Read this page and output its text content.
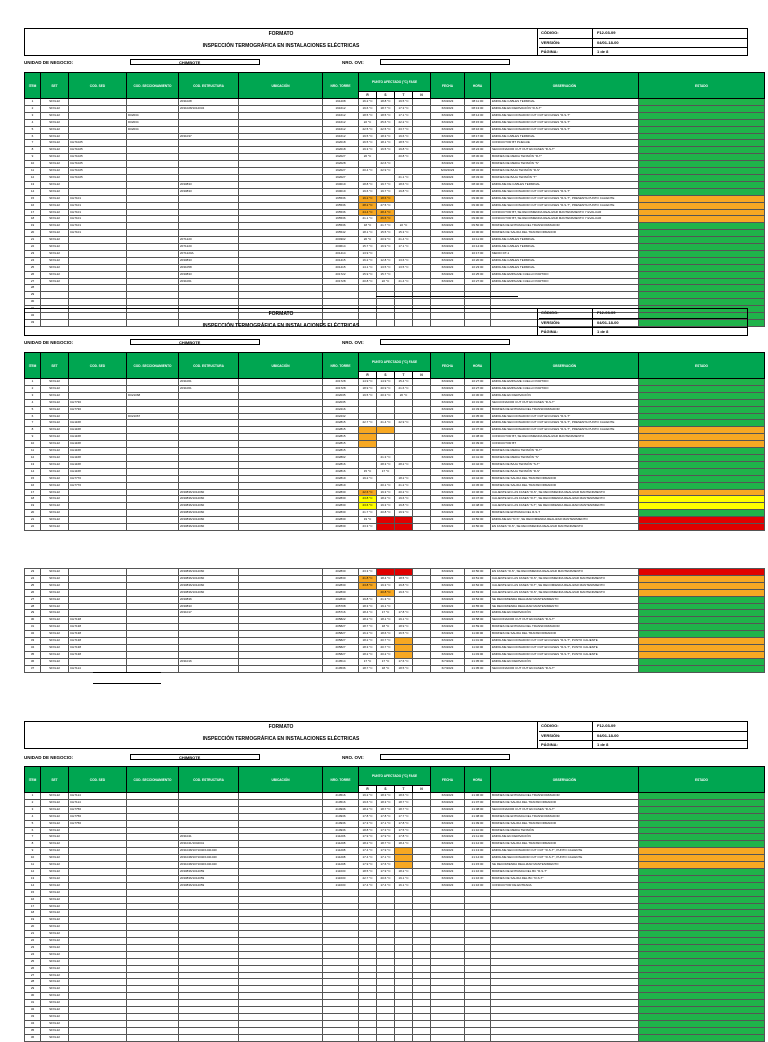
FORMATO
INSPECCIÓN TERMOGRÁFICA EN INSTALACIONES ELÉCTRICAS
CÓDIGO:	F12-03-09
VERSIÓN:	04/01-18-00
PÁGINA:	1 de 8
UNIDAD DE NEGOCIO:	CHIMBOTE	NRO. OVI:
ITEM	SET	COD. SED	COD. SECCIONAMIENTO	COD. ESTRUCTURA	UBICACIÓN	NRO. TORRE	PUNTO AFECTADO (°C) FASE				FECHA	HORA	OBSERVACIÓN	ESTADO
							R	S	T	N				
1	SFXL22			2031028		191208	16.2 °C	18.8 °C	19.5 °C		6/6/2023	08:11:00	EMPALME CABLES TERMINAL	
2	SFXL22			2031028/1012034		191612	19.6 °C	18.7 °C	17.3 °C		6/6/2023	08:13:00	EMPALME EN DERIVACIÓN "R-S-T"	
3	SFXL22		D02034			191612	18.5 °C	18.5 °C	17.1 °C		6/6/2023	08:14:00	EMPALME SECCIONADOR CUT OUT EN FASES "R-S-T"	
4	SFXL22		D02034			191612	22 °C	25.6 °C	22.2 °C		6/6/2023	08:15:00	EMPALME SECCIONADOR CUT OUT EN FASES "R-S-T"	
5	SFXL22		D02034			191612	22.5 °C	22.5 °C	23.7 °C		6/6/2023	08:16:00	EMPALME SECCIONADOR CUT OUT EN FASES "R-S-T"	
6	SFXL22			2031037		191612	19.5 °C	18.3 °C	19.6 °C		6/6/2023	08:17:00	EMPALME CABLES TERMINAL	
7	SFXL22	CH71025				192018	16.5 °C	18.1 °C	18.5 °C		6/6/2023	08:20:00	CONDUCTOR BT PLIEGUE	
8	SFXL22	CH71025				192018	19.3 °C	16.5 °C	19.8 °C		6/6/2023	08:24:00	SECCIONADOR CUT OUT EN FASES "R-S-T"	
9	SFXL22	CH71025				192027	20 °C		20.8 °C		6/6/2023	08:30:00	BORNES DE MEDIA TENSIÓN "R-T"	
10	SFXL22	CH71025				192028		22.6 °C			6/6/2023	08:31:00	BORNES DE MEDIA TENSIÓN "S"	
11	SFXL22	CH71025				192027	20.4 °C	22.9 °C			6/20/2023	08:32:00	BORNES DE BAJA TENSIÓN "R-S"	
12	SFXL22	CH71025				192027			21.1 °C		6/6/2023	08:33:00	BORNES DE BAJA TENSIÓN "T"	
13	SFXL22			2030833		190019	18.8 °C	19.7 °C	18.6 °C		6/6/2023	08:40:00	EMPALME DE CABLES TERMINAL	
14	SFXL22			2030833		190019	19.6 °C	19.7 °C	19.8 °C		6/6/2023	08:45:00	EMPALME SECCIONADOR CUT OUT EN FASES "R-S-T"	
15	SFXL22	CH7101				195536	19.2 °C	18.6 °C			6/6/2023	09:00:00	EMPALME SECCIONADOR CUT OUT EN FASES "R-S-T", PRESENTA PUNTO CALIENTE	
16	SFXL22	CH7101				195536	28.2 °C	27.5 °C			6/6/2023	09:00:00	EMPALME SECCIONADOR CUT OUT EN FASES "R-S-T", PRESENTA PUNTO CALIENTE	
17	SFXL22	CH7101				195536	24.4 °C	28.4 °C			6/6/2023	09:00:00	CONDUCTOR BT, SE RECOMIENDA REALIZAR MANTENIMIENTO Y EVALUAR	
18	SFXL22	CH7101				195536	21.1 °C	26.6 °C			6/6/2023	09:00:00	CONDUCTOR BT, SE RECOMIENDA REALIZAR MANTENIMIENTO Y EVALUAR	
19	SFXL22	CH7101				195536	18 °C	21.7 °C	22 °C		6/6/2023	09:50:00	BORNES DE ENTRADA DEL TRANSFORMADOR	
20	SFXL22	CH7101				195542	18.1 °C	15.5 °C	15.3 °C		6/6/2023	10:00:00	BORNES DE SALIDA DEL TRANSFORMADOR	
21	SFXL22			2071220		200302	20 °C	20.9 °C	21.4 °C		6/6/2023	10:11:00	EMPALME CABLES TERMINAL	
22	SFXL22			2071220		200614	15.7 °C	16.9 °C	17.1 °C		6/6/2023	10:14:00	EMPALME CABLES TERMINAL	
23	SFXL22			2071220A		201414	13.9 °C				6/6/2023	10:17:00	MEDIO DT-1	
24	SFXL22			2030833		201415	16.2 °C	12.8 °C	13.6 °C		6/6/2023	10:20:00	EMPALME CABLES TERMINAL	
25	SFXL22			2031058		201415	14.1 °C	13.5 °C	13.5 °C		6/6/2023	10:23:00	EMPALME CABLES TERMINAL	
26	SFXL22			2030833		201722	15.9 °C	15.7 °C			6/6/2023	10:25:00	EMPALME EMPALME CUELLO PARTIDO	
27	SFXL22			2031061		201728	20.8 °C	22 °C	21.4 °C		6/6/2023	10:27:00	EMPALME EMPALME CUELLO PARTIDO	
28														
29														
30														
31														
32														
33														
FORMATO
INSPECCIÓN TERMOGRÁFICA EN INSTALACIONES ELÉCTRICAS
CÓDIGO:	F12-03-09
VERSIÓN:	04/01-18-00
PÁGINA:	1 de 8
UNIDAD DE NEGOCIO:	CHIMBOTE	NRO. OVI:
ITEM	SET	COD. SED	COD. SECCIONAMIENTO	COD. ESTRUCTURA	UBICACIÓN	NRO. TORRE	PUNTO AFECTADO (°C) FASE				FECHA	HORA	OBSERVACIÓN	ESTADO
							R	S	T	N				
1	SFXL22			2031061		201728	14.9 °C	14.9 °C	15.4 °C		6/6/2023	10:27:00	EMPALME EMPALME CUELLO PARTIDO	
2	SFXL22			2031061		201728	18.9 °C	20.9 °C	21.6 °C		6/6/2023	10:27:00	EMPALME EMPALME CUELLO PARTIDO	
3	SFXL22		D021068			202035	19.5 °C	20.3 °C	20 °C		6/6/2023	10:30:00	EMPALME EN DERIVACIÓN	
4	SFXL22	CH7730				202035					6/6/2023	10:31:00	SECCIONADOR CUT OUT EN FASES "R-S-T"	
5	SFXL22	CH7730				202216					6/6/2023	10:33:00	BORNES DE ENTRADA DEL TRANSFORMADOR	
6	SFXL22		D021067			202232					6/6/2023	10:35:00	EMPALME SECCIONADOR CUT OUT EN FASES "R-S-T"	
7	SFXL22	CH1168				202815	22.7 °C	21.4 °C	22.9 °C		6/6/2023	10:36:00	EMPALME SECCIONADOR CUT OUT EN FASES "R-S-T", PRESENTA PUNTO CALIENTE	
8	SFXL22	CH1168				202815					6/6/2023	10:37:00	EMPALME SECCIONADOR CUT OUT EN FASES "R-S-T", PRESENTA PUNTO CALIENTE	
9	SFXL22	CH1168				202815					6/6/2023	10:38:00	CONDUCTOR BT, SE RECOMIENDA REALIZAR MANTENIMIENTO	
10	SFXL22	CH1168				202815					6/6/2023	10:39:00	CONDUCTOR BT	
11	SFXL22	CH1168				202815					6/6/2023	10:40:00	BORNES DE MEDIA TENSIÓN "R-T"	
12	SFXL22	CH1168				202802		21.3 °C			6/6/2023	10:41:00	BORNES DE MEDIA TENSIÓN "S"	
13	SFXL22	CH1168				202816		28.3 °C	28.2 °C		6/6/2023	10:42:00	BORNES DE BAJA TENSIÓN "S-T"	
14	SFXL22	CH1168				202816	15 °C	17 °C			6/6/2023	10:43:00	BORNES DE BAJA TENSIÓN "R-S"	
15	SFXL22	CH7770				202819	19.2 °C		18.2 °C		6/6/2023	10:44:00	BORNES DE SALIDA DEL TRANSFORMADOR	
16	SFXL22	CH7770				202819		20.1 °C	21.2 °C		6/6/2023	10:45:00	BORNES DE SALIDA DEL TRANSFORMADOR	
17	SFXL22			2030836/1012060		202830	22.6 °C	19.3 °C	20.2 °C		6/6/2023	10:46:00	CALIENTE EN LAS FASES "R-S", SE RECOMIENDA REALIZAR MANTENIMIENTO	
18	SFXL22			2030836/1012060		202830	23.8 °C	18.2 °C	19.6 °C		6/6/2023	10:47:00	CALIENTE EN LAS FASES "R-T", SE RECOMIENDA REALIZAR MANTENIMIENTO	
19	SFXL22			2030836/1012060		202830	23.6 °C	19.3 °C	19.8 °C		6/6/2023	10:48:00	CALIENTE EN LAS FASES "S-T", SE RECOMIENDA REALIZAR MANTENIMIENTO	
20	SFXL22			2030836/1012060		202830	21.7 °C	20.8 °C	19.9 °C		6/6/2023	10:49:00	BORNES DE ENTRADA DEL R-S-T	
21	SFXL22			2030836/1012060		202830	19 °C				6/6/2023	10:50:00	EMPALME EN "R-S", SE RECOMIENDA REALIZAR MANTENIMIENTO	
22	SFXL22			2030836/1012060		202830	23.3 °C				6/6/2023	10:50:00	EN FASES "R-S", SE RECOMIENDA REALIZAR MANTENIMIENTO	
23	SFXL22			2030836/1012060		202830	23.3 °C				6/6/2023	10:50:00	EN FASES "R-S", SE RECOMIENDA REALIZAR MANTENIMIENTO	
24	SFXL22			2030836/1012060		202830	21.8 °C	18.4 °C	18.5 °C		6/6/2023	10:51:00	CALIENTE EN LAS FASES "R-S", SE RECOMIENDA REALIZAR MANTENIMIENTO	
25	SFXL22			2030836/1012060		202830	23.8 °C	19.3 °C	19.8 °C		6/6/2023	10:52:00	CALIENTE EN LAS FASES "R-T", SE RECOMIENDA REALIZAR MANTENIMIENTO	
26	SFXL22			2030836/1012060		202830		20.8 °C	19.6 °C		6/6/2023	10:53:00	CALIENTE EN LAS FASES "R-S", SE RECOMIENDA REALIZAR MANTENIMIENTO	
27	SFXL22			2030836		202830	19.8 °C	21.3 °C			6/6/2023	10:54:00	SE RECOMIENDA REALIZAR MANTENIMIENTO	
28	SFXL22			2030833		205708	18.3 °C	19.1 °C			6/6/2023	10:55:00	SE RECOMIENDA REALIZAR MANTENIMIENTO	
29	SFXL22			2031017		205716	18.4 °C	17 °C	17.8 °C		6/6/2023	10:57:00	EMPALME EN DERIVACIÓN	
30	SFXL22	CH7138				205822	18.2 °C	18.1 °C	19.1 °C		6/6/2023	10:58:00	SECCIONADOR CUT OUT EN FASES "R-S-T"	
31	SFXL22	CH7138				205827	18.7 °C	18 °C	18.9 °C		6/6/2023	10:59:00	BORNES DE ENTRADA DEL TRANSFORMADOR	
32	SFXL22	CH7138				205827	16.2 °C	18.6 °C	16.5 °C		6/6/2023	11:00:00	BORNES DE SALIDA DEL TRANSFORMADOR	
33	SFXL22	CH7138				205827	18.2 °C	20.7 °C			6/6/2023	11:01:00	EMPALME SECCIONADOR CUT OUT EN FASES "R-S-T", PUNTO CALIENTE	
34	SFXL22	CH7138				205827	18.3 °C	20.7 °C			6/6/2023	11:02:00	EMPALME SECCIONADOR CUT OUT EN FASES "R-S-T", PUNTO CALIENTE	
35	SFXL22	CH7138				205827	18.2 °C	20.2 °C			6/6/2023	11:03:00	EMPALME SECCIONADOR CUT OUT EN FASES "R-S-T", PUNTO CALIENTE	
36	SFXL22			2031016		210514	17 °C	17 °C	17.6 °C		6/7/2023	21:05:00	EMPALME EN DERIVACIÓN	
37	SFXL22	CH7114				210536	18.7 °C	18 °C	18.5 °C		6/7/2023	21:05:00	SECCIONADOR CUT OUT EN FASES "R-S-T"	
FORMATO
INSPECCIÓN TERMOGRÁFICA EN INSTALACIONES ELÉCTRICAS
CÓDIGO:	F12-03-09
VERSIÓN:	04/01-18-00
PÁGINA:	1 de 8
UNIDAD DE NEGOCIO:	CHIMBOTE	NRO. OVI:
ITEM	SET	COD. SED	COD. SECCIONAMIENTO	COD. ESTRUCTURA	UBICACIÓN	NRO. TORRE	PUNTO AFECTADO (°C) FASE				FECHA	HORA	OBSERVACIÓN	ESTADO
							R	S	T	N				
1	SFXL22	CH7114				210516	19.2 °C	18.3 °C	18.6 °C		6/6/2023	21:06:00	BORNES DE ENTRADA DEL TRANSFORMADOR	
2	SFXL22	CH7114				210516	19.6 °C	18.3 °C	18.7 °C		6/6/2023	21:07:00	BORNES DE SALIDA DEL TRANSFORMADOR	
3	SFXL22	CH7756				210936	18.2 °C	18.7 °C	18.7 °C		6/6/2023	21:08:00	SECCIONADOR CUT OUT EN FASES "R-S-T"	
4	SFXL22	CH7756				210936	17.8 °C	17.8 °C	17.7 °C		6/6/2023	21:08:00	BORNES DE ENTRADA DEL TRANSFORMADOR	
5	SFXL22	CH7756				210936	17.3 °C	17.1 °C	17.8 °C		6/6/2023	21:09:00	BORNES DE SALIDA DEL TRANSFORMADOR	
6	SFXL22					210936	18.8 °C	17.3 °C	17.5 °C		6/6/2023	21:10:00	BORNES DE MEDIA TENSIÓN	
7	SFXL22			2031041		211206	17.9 °C	17.9 °C	17.8 °C		6/6/2023	21:11:00	EMPALME EN DERIVACIÓN	
8	SFXL22			2031041/1042041		211208	18.2 °C	18.7 °C	18.4 °C		6/6/2023	21:12:00	BORNES DE SALIDA DEL TRANSFORMADOR	
9	SFXL22			2031048/1071040/1041040		211208	17.4 °C	17.9 °C			6/6/2023	21:13:00	EMPALME SECCIONADOR CUT OUT "R-S-T", PUNTO CALIENTE	
10	SFXL22			2031048/1071040/1041040		211208	17.4 °C	17.1 °C			6/6/2023	21:14:00	EMPALME SECCIONADOR CUT OUT "R-S-T", PUNTO CALIENTE	
11	SFXL22			2031048/1071040/1041040		211208	17.9 °C	17.6 °C			6/6/2023	21:15:00	SE RECOMIENDA REALIZAR MANTENIMIENTO	
12	SFXL22			2030836/1012059		211630	18.5 °C	17.9 °C	18.2 °C		6/6/2023	21:16:00	BORNES DE ENTRADA DEL BC "R-S-T"	
13	SFXL22			2030836/1012059		211630	22.7 °C	20.6 °C	19.1 °C		6/6/2023	21:16:00	BORNES DE SALIDA DEL BC "R-S-T"	
14	SFXL22			2030836/1012059		211630	17.4 °C	17.4 °C	16.1 °C		6/6/2023	21:16:00	CONDUCTOR DE ENTRADA	
15	SFXL22													
16	SFXL22													
17	SFXL22													
18	SFXL22													
19	SFXL22													
20	SFXL22													
21	SFXL22													
22	SFXL22													
23	SFXL22													
24	SFXL22													
25	SFXL22													
26	SFXL22													
27	SFXL22													
28	SFXL22													
29	SFXL22													
30	SFXL22													
31	SFXL22													
32	SFXL22													
33	SFXL22													
34	SFXL22													
35	SFXL22													
36	SFXL22													
